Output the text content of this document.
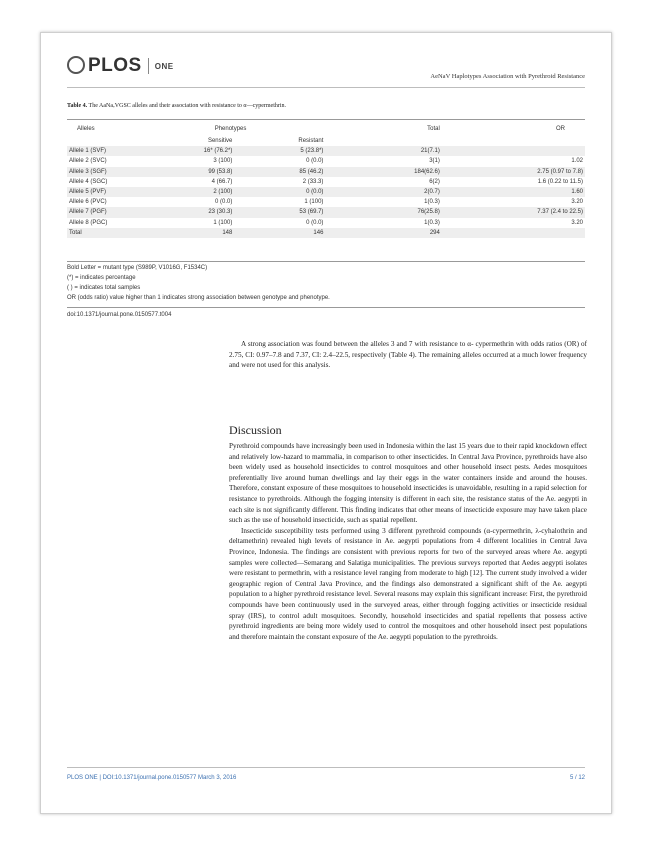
PLOS ONE
AeNaV Haplotypes Association with Pyrethroid Resistance
Table 4. The AaNaᵥVGSC alleles and their association with resistance to α—cypermethrin.
Alleles	Phenotypes		Total	OR
	Sensitive	Resistant		
Allele 1 (SVF)	16* (76.2*)	5 (23.8*)	21(7.1)	
Allele 2 (SVC)	3 (100)	0 (0.0)	3(1)	1.02
Allele 3 (SGF)	99 (53.8)	85 (46.2)	184(62.6)	2.75 (0.97 to 7.8)
Allele 4 (SGC)	4 (66.7)	2 (33.3)	6(2)	1.6 (0.22 to 11.5)
Allele 5 (PVF)	2 (100)	0 (0.0)	2(0.7)	1.60
Allele 6 (PVC)	0 (0.0)	1 (100)	1(0.3)	3.20
Allele 7 (PGF)	23 (30.3)	53 (69.7)	76(25.8)	7.37 (2.4 to 22.5)
Allele 8 (PGC)	1 (100)	0 (0.0)	1(0.3)	3.20
Total	148	146	294	
Bold Letter = mutant type (S989P, V1016G, F1534C)
(*) = indicates percentage
( ) = indicates total samples
OR (odds ratio) value higher than 1 indicates strong association between genotype and phenotype.
doi:10.1371/journal.pone.0150577.t004

A strong association was found between the alleles 3 and 7 with resistance to α- cypermethrin with odds ratios (OR) of 2.75, CI: 0.97–7.8 and 7.37, CI: 2.4–22.5, respectively (Table 4). The remaining alleles occurred at a much lower frequency and were not used for this analysis.

Discussion

Pyrethroid compounds have increasingly been used in Indonesia within the last 15 years due to their rapid knockdown effect and relatively low-hazard to mammalia, in comparison to other insecticides. In Central Java Province, pyrethroids have also been widely used as household insecticides to control mosquitoes and other household insect pests. Aedes mosquitoes preferentially live around human dwellings and lay their eggs in the water containers inside and around the houses. Therefore, constant exposure of these mosquitoes to household insecticides is unavoidable, resulting in a rapid selection for resistance to pyrethroids. Although the fogging intensity is different in each site, the resistance status of the Ae. aegypti in each site is not significantly different. This finding indicates that other means of insecticide exposure may have taken place such as the use of household insecticide, such as spatial repellent.

Insecticide susceptibility tests performed using 3 different pyrethroid compounds (α-cypermethrin, λ-cyhalothrin and deltamethrin) revealed high levels of resistance in Ae. aegypti populations from 4 different localities in Central Java Province, Indonesia. The findings are consistent with previous reports for two of the surveyed areas where Ae. aegypti samples were collected—Semarang and Salatiga municipalities. The previous surveys reported that Aedes aegypti isolates were resistant to permethrin, with a resistance level ranging from moderate to high [12]. The current study involved a wider geographic region of Central Java Province, and the findings also demonstrated a significant shift of the Ae. aegypti population to a higher pyrethroid resistance level. Several reasons may explain this significant increase: First, the pyrethroid compounds have been continuously used in the surveyed areas, either through fogging activities or insecticide residual spray (IRS), to control adult mosquitoes. Secondly, household insecticides and spatial repellents that possess active pyrethroid ingredients are being more widely used to control the mosquitoes and other household insect pest populations and therefore maintain the constant exposure of the Ae. aegypti population to the pyrethroids.

PLOS ONE | DOI:10.1371/journal.pone.0150577 March 3, 2016	5 / 12
